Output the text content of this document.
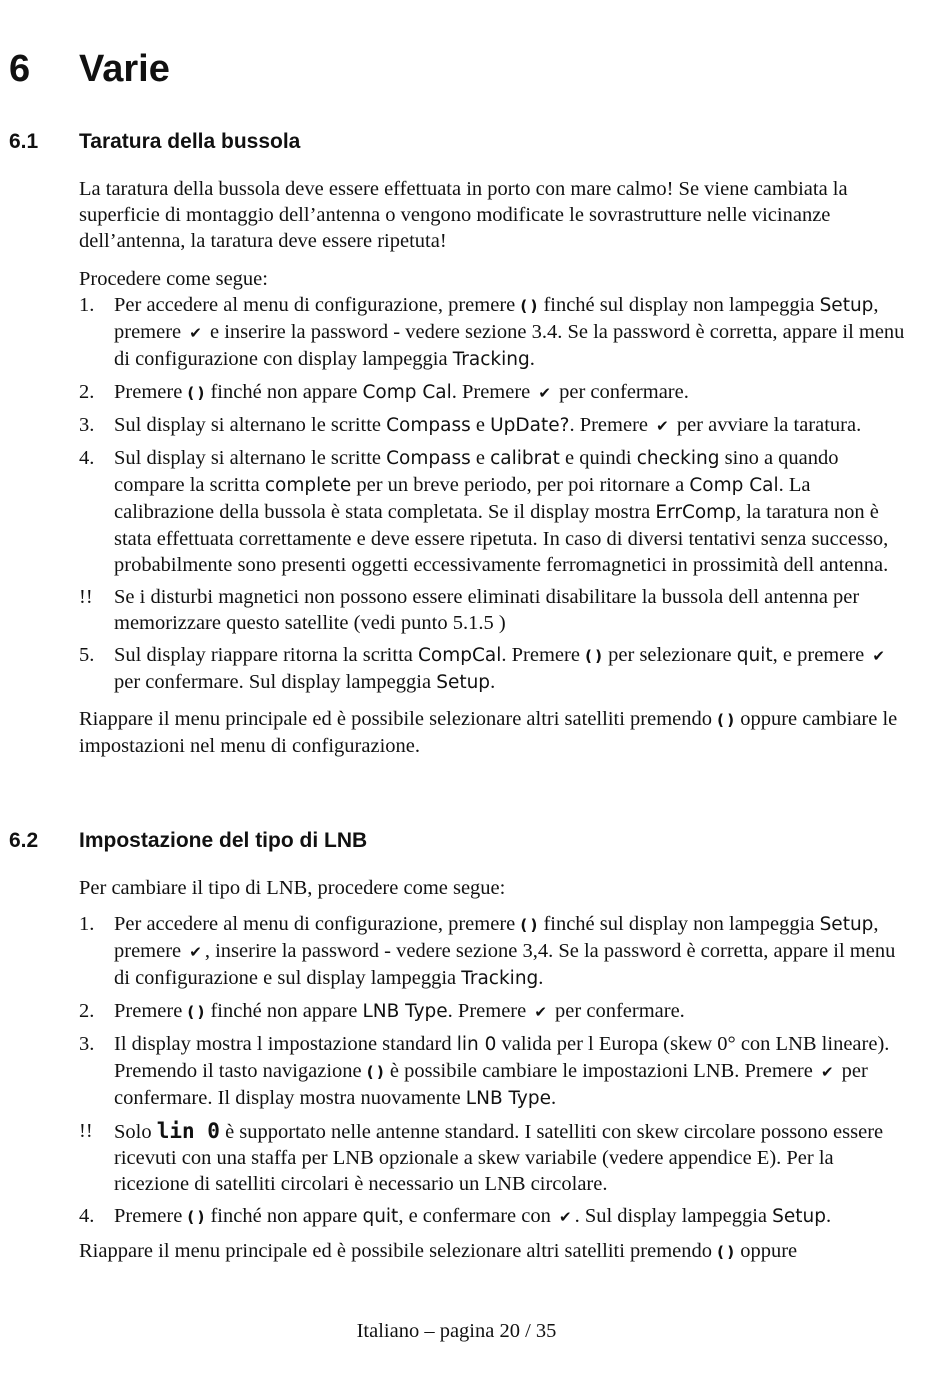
6 Varie
6.1 Taratura della bussola

La taratura della bussola deve essere effettuata in porto con mare calmo! Se viene cambiata la superficie di montaggio dell’antenna o vengono modificate le sovrastrutture nelle vicinanze dell’antenna, la taratura deve essere ripetuta!

Procedere come segue:

1. Per accedere al menu di configurazione, premere ( ) finché sul display non lampeggia Setup, premere ✔ e inserire la password - vedere sezione 3.4. Se la password è corretta, appare il menu di configurazione con display lampeggia Tracking.
2. Premere ( ) finché non appare Comp Cal. Premere ✔ per confermare.
3. Sul display si alternano le scritte Compass e UpDate?. Premere ✔ per avviare la taratura.
4. Sul display si alternano le scritte Compass e calibrat e quindi checking sino a quando compare la scritta complete per un breve periodo, per poi ritornare a Comp Cal. La calibrazione della bussola è stata completata. Se il display mostra ErrComp, la taratura non è stata effettuata correttamente e deve essere ripetuta. In caso di diversi tentativi senza successo, probabilmente sono presenti oggetti eccessivamente ferromagnetici in prossimità dell antenna.
!! Se i disturbi magnetici non possono essere eliminati disabilitare la bussola dell antenna per memorizzare questo satellite (vedi punto 5.1.5 )
5. Sul display riappare ritorna la scritta CompCal. Premere ( ) per selezionare quit, e premere ✔ per confermare. Sul display lampeggia Setup.

Riappare il menu principale ed è possibile selezionare altri satelliti premendo ( ) oppure cambiare le impostazioni nel menu di configurazione.

6.2 Impostazione del tipo di LNB

Per cambiare il tipo di LNB, procedere come segue:

1. Per accedere al menu di configurazione, premere ( ) finché sul display non lampeggia Setup, premere ✔ , inserire la password - vedere sezione 3,4. Se la password è corretta, appare il menu di configurazione e sul display lampeggia Tracking.
2. Premere ( ) finché non appare LNB Type. Premere ✔ per confermare.
3. Il display mostra l impostazione standard lin 0 valida per l Europa (skew 0° con LNB lineare). Premendo il tasto navigazione ( ) è possibile cambiare le impostazioni LNB. Premere ✔ per confermare. Il display mostra nuovamente LNB Type.
!! Solo lin 0 è supportato nelle antenne standard. I satelliti con skew circolare possono essere ricevuti con una staffa per LNB opzionale a skew variabile (vedere appendice E). Per la ricezione di satelliti circolari è necessario un LNB circolare.
4. Premere ( ) finché non appare quit, e confermare con ✔ . Sul display lampeggia Setup.

Riappare il menu principale ed è possibile selezionare altri satelliti premendo ( ) oppure

Italiano – pagina 20 / 35
